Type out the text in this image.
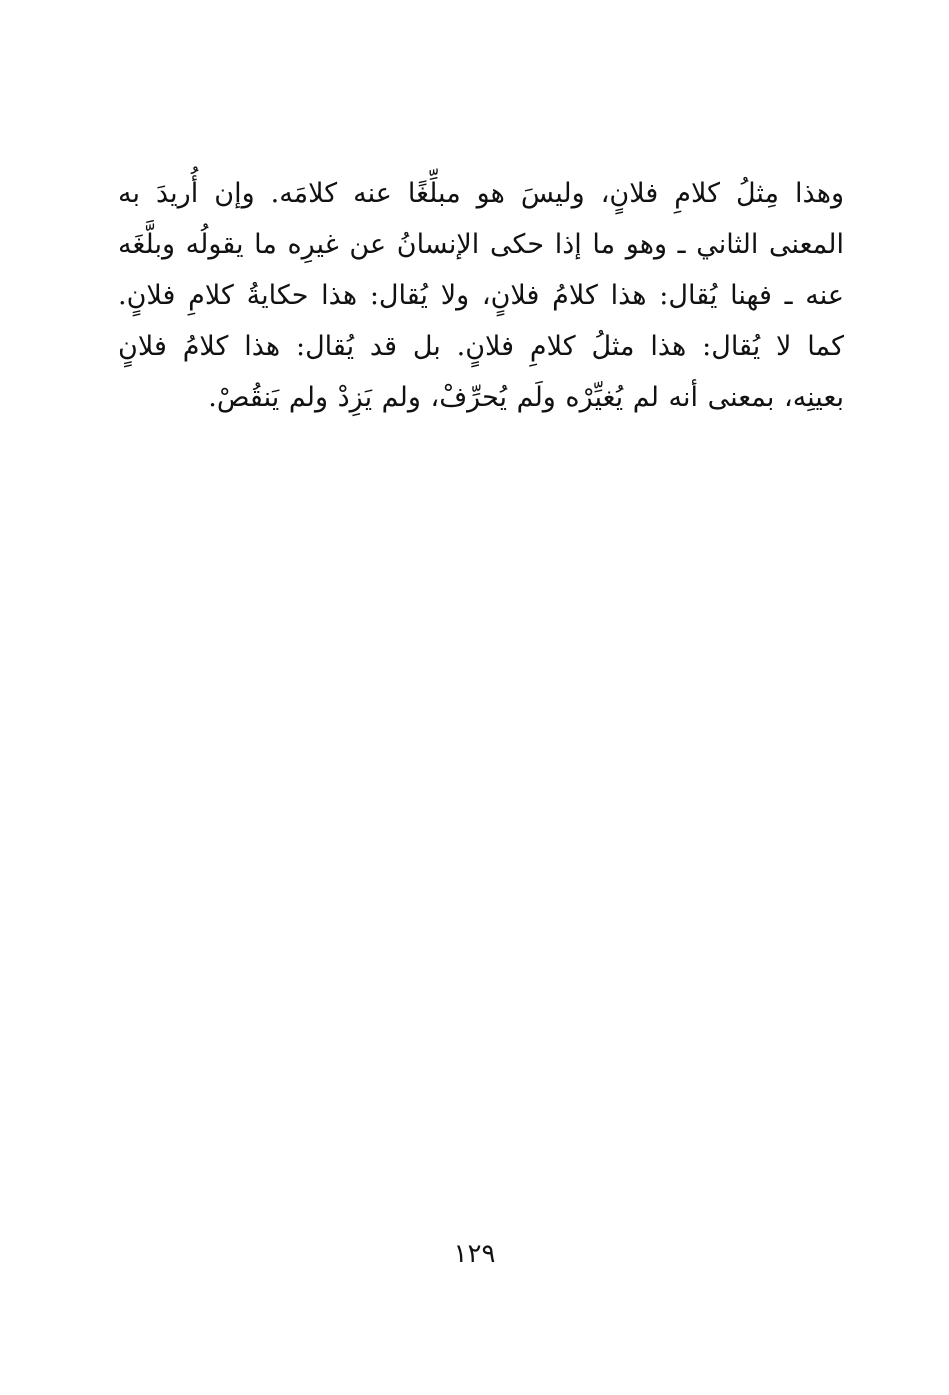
وهذا مِثلُ كلامِ فلانٍ، وليسَ هو مبلِّغًا عنه كلامَه. وإن أُريدَ به
المعنى الثاني ـ وهو ما إذا حكى الإنسانُ عن غيرِه ما يقولُه وبلَّغَه
عنه ـ فهنا يُقال: هذا كلامُ فلانٍ، ولا يُقال: هذا حكايةُ كلامِ فلانٍ.
كما لا يُقال: هذا مثلُ كلامِ فلانٍ. بل قد يُقال: هذا كلامُ فلانٍ
بعينِه، بمعنى أنه لم يُغيِّرْه ولَم يُحرِّفْ، ولم يَزِدْ ولم يَنقُصْ.
١٢٩
